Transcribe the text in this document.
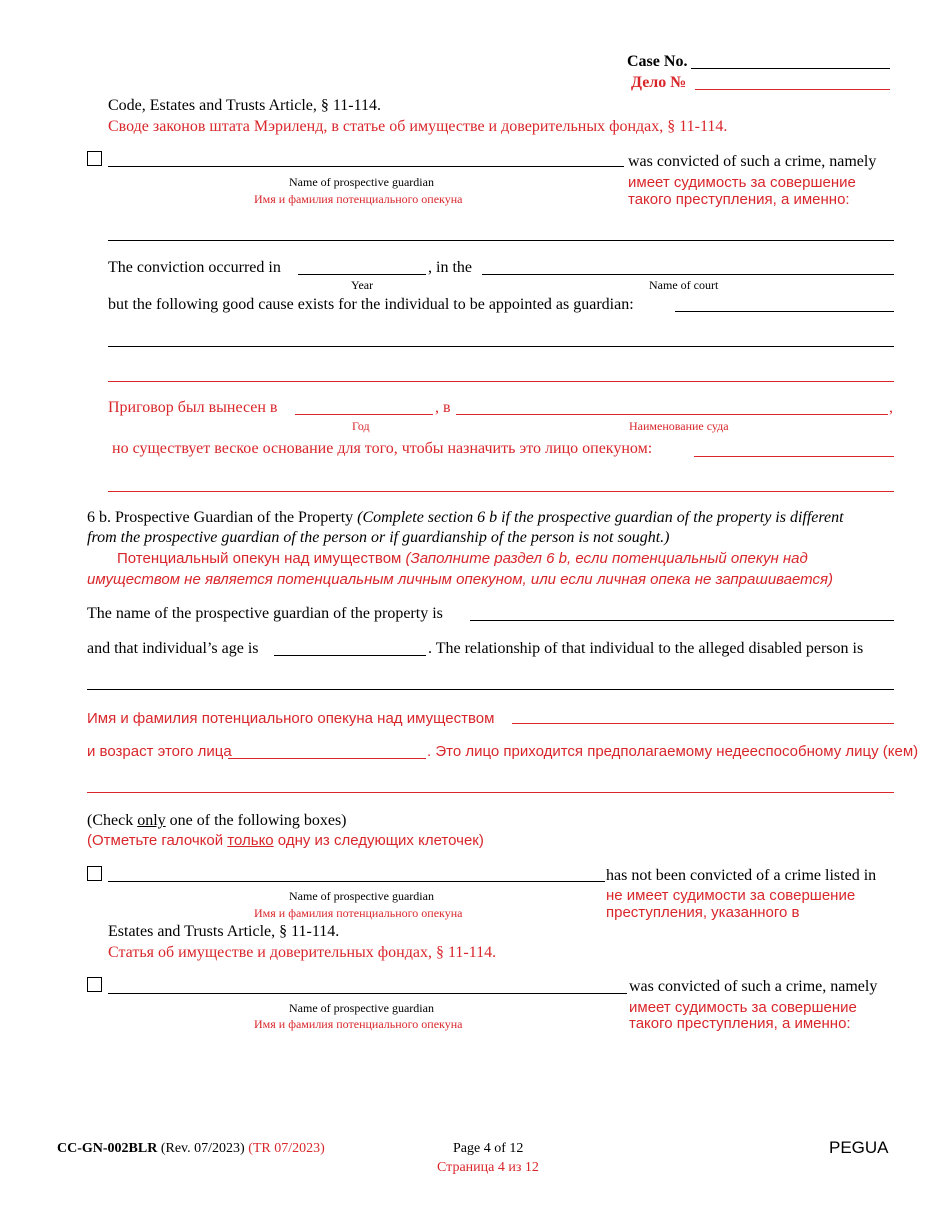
Case No.
Дело №
Code, Estates and Trusts Article, § 11-114.
Своде законов штата Мэриленд, в статье об имуществе и доверительных фондах, § 11-114.
was convicted of such a crime, namely
Name of prospective guardian
Имя и фамилия потенциального опекуна
имеет судимость за совершение
такого преступления, а именно:
The conviction occurred in	, in the
Year	Name of court
but the following good cause exists for the individual to be appointed as guardian:
Приговор был вынесен в	, в	,
Год	Наименование суда
но существует веское основание для того, чтобы назначить это лицо опекуном:
6 b. Prospective Guardian of the Property (Complete section 6 b if the prospective guardian of the property is different
from the prospective guardian of the person or if guardianship of the person is not sought.)
Потенциальный опекун над имуществом (Заполните раздел 6 b, если потенциальный опекун над
имуществом не является потенциальным личным опекуном, или если личная опека не запрашивается)
The name of the prospective guardian of the property is
and that individual’s age is	. The relationship of that individual to the alleged disabled person is
Имя и фамилия потенциального опекуна над имуществом
и возраст этого лица	. Это лицо приходится предполагаемому недееспособному лицу (кем)
(Check only one of the following boxes)
(Отметьте галочкой только одну из следующих клеточек)
has not been convicted of a crime listed in
Name of prospective guardian
Имя и фамилия потенциального опекуна
не имеет судимости за совершение
преступления, указанного в
Estates and Trusts Article, § 11-114.
Статья об имуществе и доверительных фондах, § 11-114.
was convicted of such a crime, namely
Name of prospective guardian
Имя и фамилия потенциального опекуна
имеет судимость за совершение
такого преступления, а именно:
CC-GN-002BLR (Rev. 07/2023) (TR 07/2023)	Page 4 of 12
Страница 4 из 12
PEGUA
